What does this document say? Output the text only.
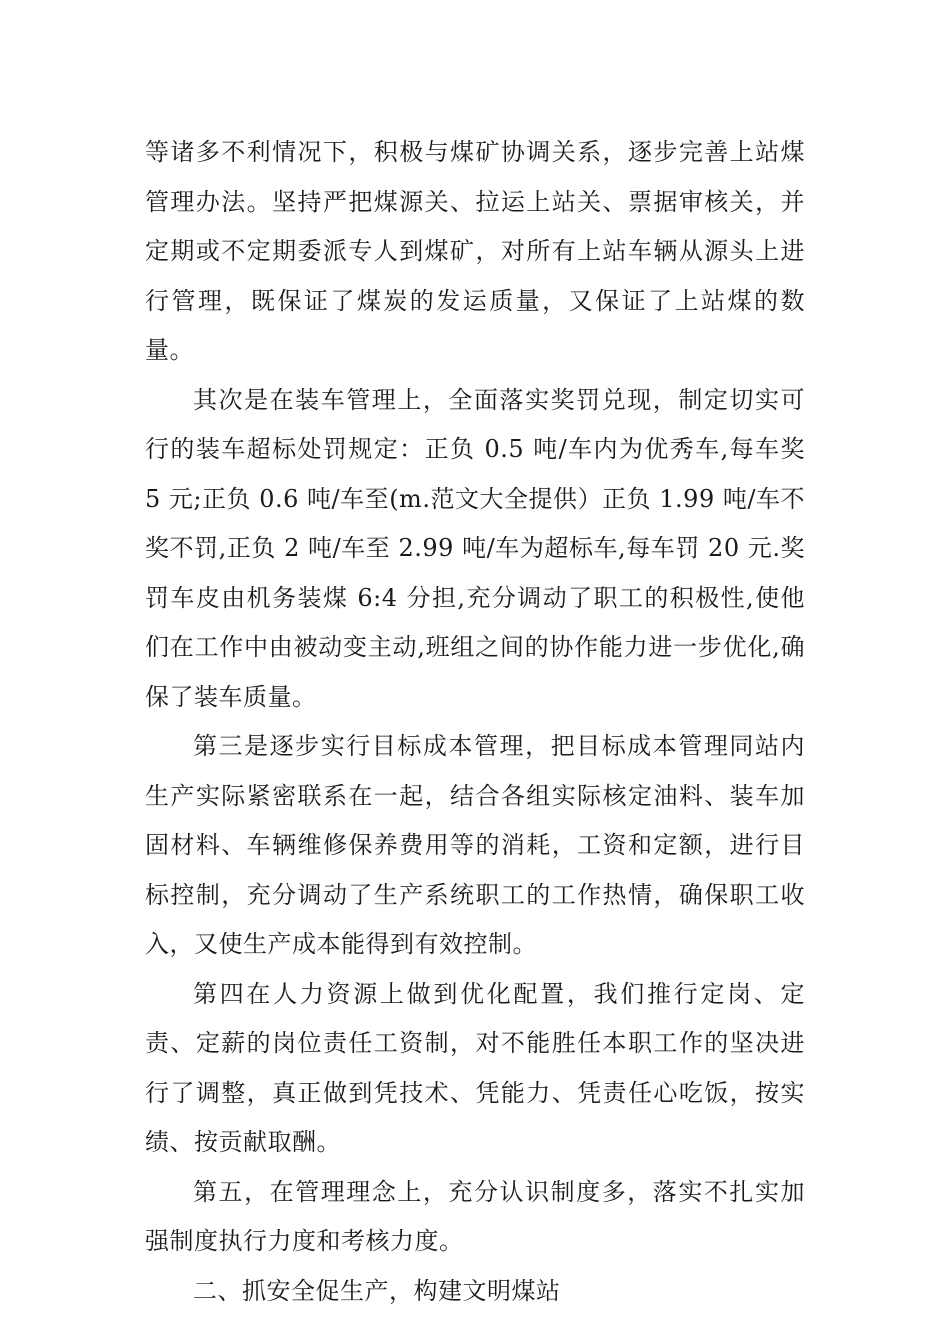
等诸多不利情况下，积极与煤矿协调关系，逐步完善上站煤管理办法。坚持严把煤源关、拉运上站关、票据审核关，并定期或不定期委派专人到煤矿，对所有上站车辆从源头上进行管理，既保证了煤炭的发运质量，又保证了上站煤的数量。

其次是在装车管理上，全面落实奖罚兑现，制定切实可行的装车超标处罚规定：正负 0.5 吨/车内为优秀车,每车奖 5 元;正负 0.6 吨/车至(m.范文大全提供）正负 1.99 吨/车不奖不罚,正负 2 吨/车至 2.99 吨/车为超标车,每车罚 20 元.奖罚车皮由机务装煤 6:4 分担,充分调动了职工的积极性,使他们在工作中由被动变主动,班组之间的协作能力进一步优化,确保了装车质量。

第三是逐步实行目标成本管理，把目标成本管理同站内生产实际紧密联系在一起，结合各组实际核定油料、装车加固材料、车辆维修保养费用等的消耗，工资和定额，进行目标控制，充分调动了生产系统职工的工作热情，确保职工收入，又使生产成本能得到有效控制。

第四在人力资源上做到优化配置，我们推行定岗、定责、定薪的岗位责任工资制，对不能胜任本职工作的坚决进行了调整，真正做到凭技术、凭能力、凭责任心吃饭，按实绩、按贡献取酬。

第五，在管理理念上，充分认识制度多，落实不扎实加强制度执行力度和考核力度。

二、抓安全促生产，构建文明煤站
